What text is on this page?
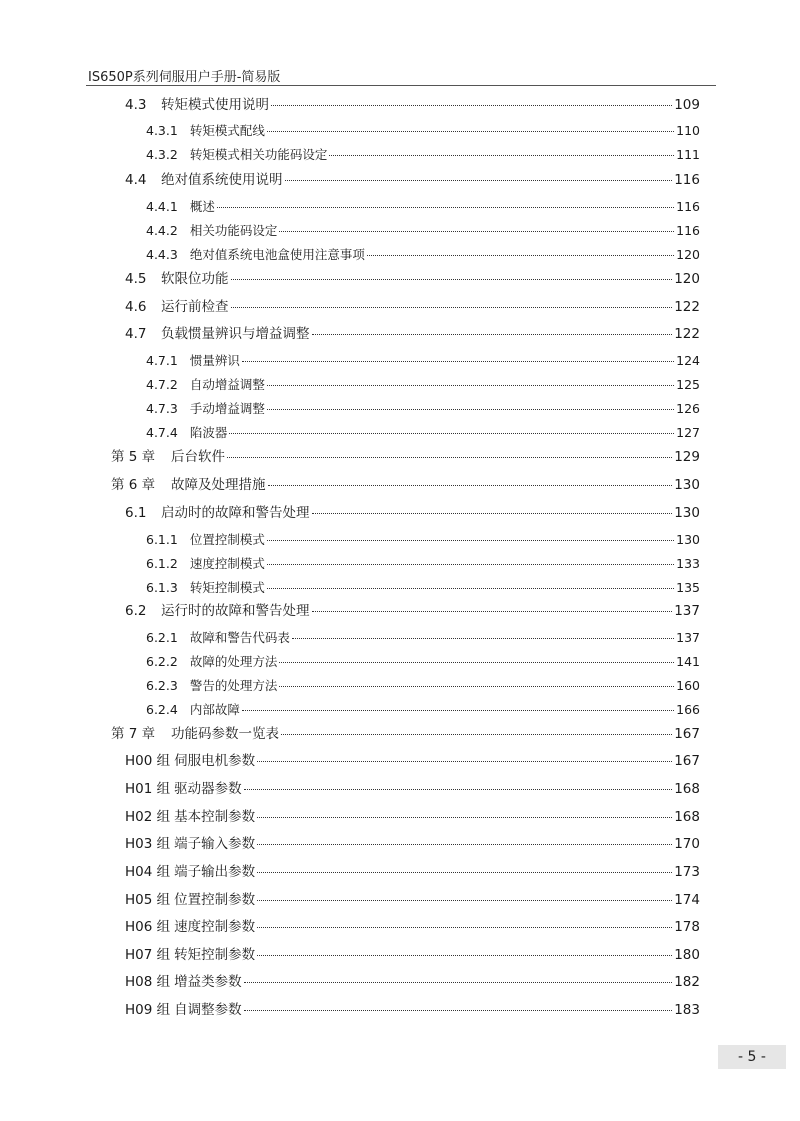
IS650P系列伺服用户手册-简易版
4.3 转矩模式使用说明	109
4.3.1 转矩模式配线	110
4.3.2 转矩模式相关功能码设定	111
4.4 绝对值系统使用说明	116
4.4.1 概述	116
4.4.2 相关功能码设定	116
4.4.3 绝对值系统电池盒使用注意事项	120
4.5 软限位功能	120
4.6 运行前检查	122
4.7 负载惯量辨识与增益调整	122
4.7.1 惯量辨识	124
4.7.2 自动增益调整	125
4.7.3 手动增益调整	126
4.7.4 陷波器	127
第 5 章 后台软件	129
第 6 章 故障及处理措施	130
6.1 启动时的故障和警告处理	130
6.1.1 位置控制模式	130
6.1.2 速度控制模式	133
6.1.3 转矩控制模式	135
6.2 运行时的故障和警告处理	137
6.2.1 故障和警告代码表	137
6.2.2 故障的处理方法	141
6.2.3 警告的处理方法	160
6.2.4 内部故障	166
第 7 章 功能码参数一览表	167
H00 组 伺服电机参数	167
H01 组 驱动器参数	168
H02 组 基本控制参数	168
H03 组 端子输入参数	170
H04 组 端子输出参数	173
H05 组 位置控制参数	174
H06 组 速度控制参数	178
H07 组 转矩控制参数	180
H08 组 增益类参数	182
H09 组 自调整参数	183
- 5 -
